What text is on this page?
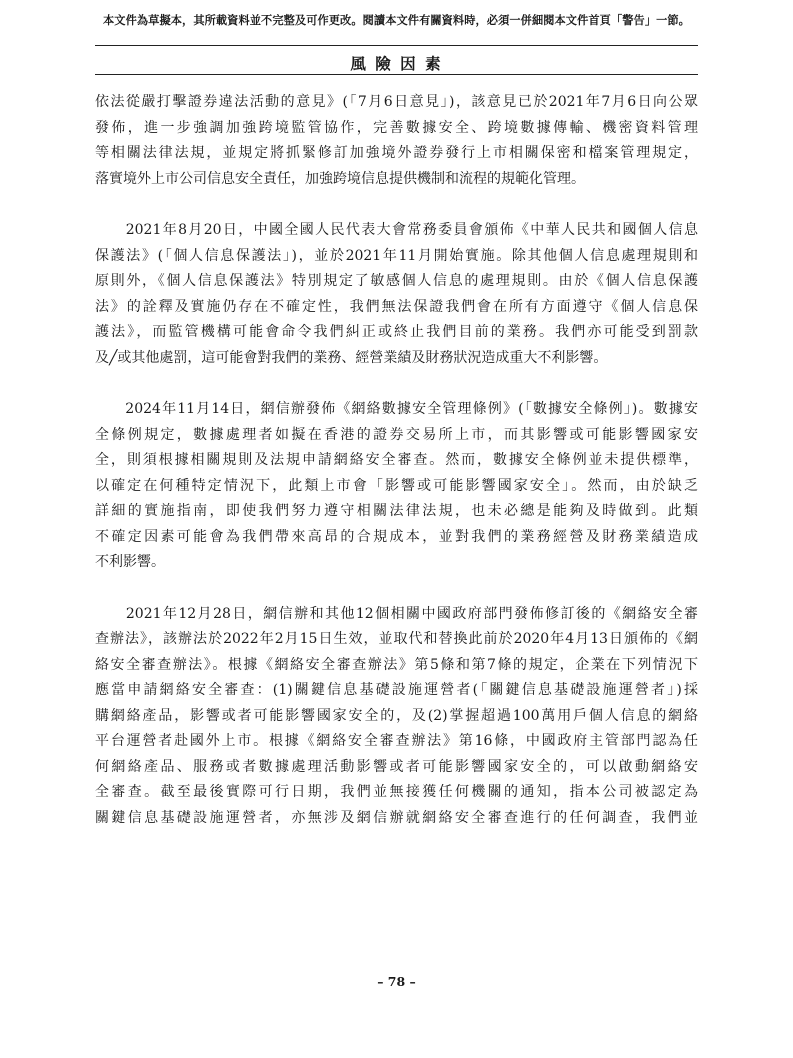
本文件為草擬本，其所載資料並不完整及可作更改。閱讀本文件有關資料時，必須一併細閱本文件首頁「警告」一節。
風 險 因 素
依法從嚴打擊證券違法活動的意見》(「7月6日意見」)，該意見已於2021年7月6日向公眾
發佈，進一步強調加強跨境監管協作，完善數據安全、跨境數據傳輸、機密資料管理
等相關法律法規，並規定將抓緊修訂加強境外證券發行上市相關保密和檔案管理規定，
落實境外上市公司信息安全責任，加強跨境信息提供機制和流程的規範化管理。
　　2021年8月20日，中國全國人民代表大會常務委員會頒佈《中華人民共和國個人信息
保護法》(「個人信息保護法」)，並於2021年11月開始實施。除其他個人信息處理規則和
原則外，《個人信息保護法》特別規定了敏感個人信息的處理規則。由於《個人信息保護
法》的詮釋及實施仍存在不確定性，我們無法保證我們會在所有方面遵守《個人信息保
護法》，而監管機構可能會命令我們糾正或終止我們目前的業務。我們亦可能受到罰款
及╱或其他處罰，這可能會對我們的業務、經營業績及財務狀況造成重大不利影響。
　　2024年11月14日，網信辦發佈《網絡數據安全管理條例》(「數據安全條例」)。數據安
全條例規定，數據處理者如擬在香港的證券交易所上市，而其影響或可能影響國家安
全，則須根據相關規則及法規申請網絡安全審查。然而，數據安全條例並未提供標準，
以確定在何種特定情況下，此類上市會「影響或可能影響國家安全」。然而，由於缺乏
詳細的實施指南，即使我們努力遵守相關法律法規，也未必總是能夠及時做到。此類
不確定因素可能會為我們帶來高昂的合規成本，並對我們的業務經營及財務業績造成
不利影響。
　　2021年12月28日，網信辦和其他12個相關中國政府部門發佈修訂後的《網絡安全審
查辦法》，該辦法於2022年2月15日生效，並取代和替換此前於2020年4月13日頒佈的《網
絡安全審查辦法》。根據《網絡安全審查辦法》第5條和第7條的規定，企業在下列情況下
應當申請網絡安全審查：(1)關鍵信息基礎設施運營者(「關鍵信息基礎設施運營者」)採
購網絡產品，影響或者可能影響國家安全的，及(2)掌握超過100萬用戶個人信息的網絡
平台運營者赴國外上市。根據《網絡安全審查辦法》第16條，中國政府主管部門認為任
何網絡產品、服務或者數據處理活動影響或者可能影響國家安全的，可以啟動網絡安
全審查。截至最後實際可行日期，我們並無接獲任何機關的通知，指本公司被認定為
關鍵信息基礎設施運營者，亦無涉及網信辦就網絡安全審查進行的任何調查，我們並
– 78 –
